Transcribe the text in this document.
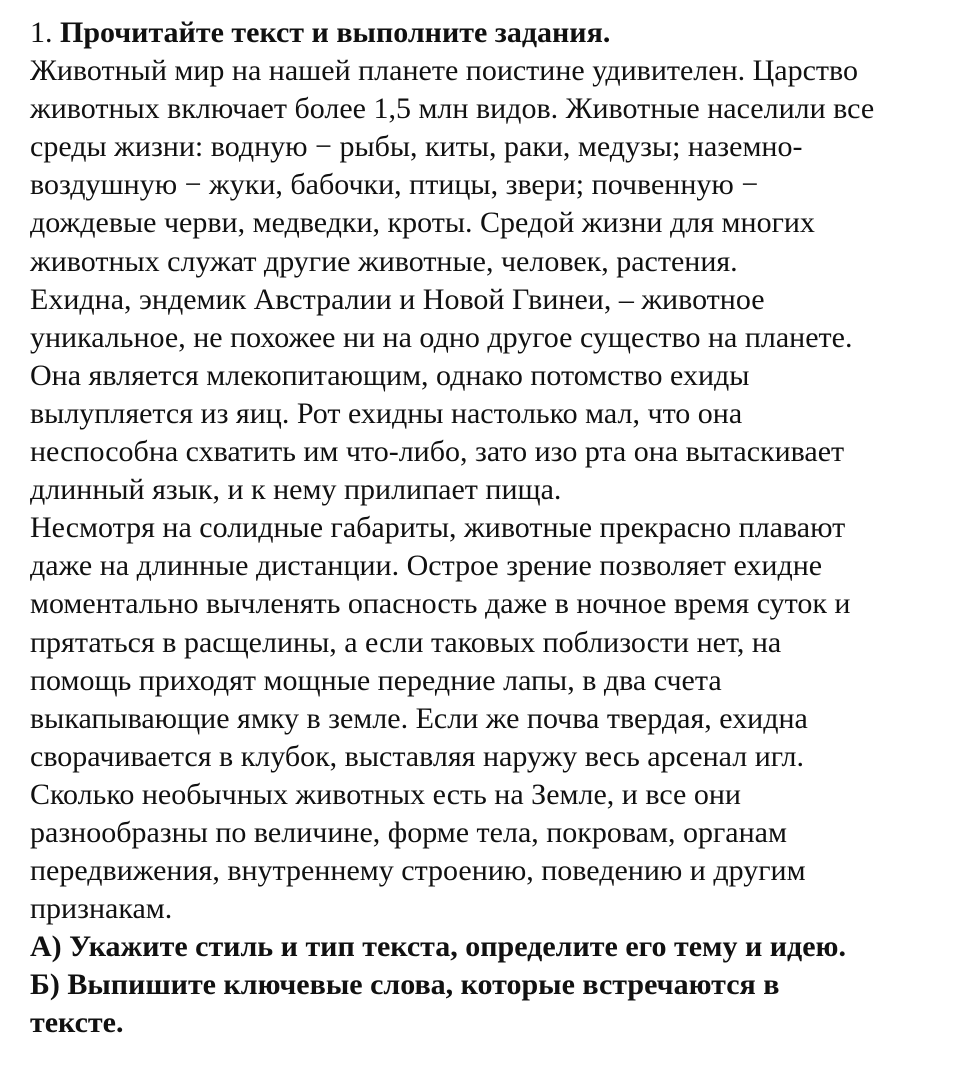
1. Прочитайте текст и выполните задания.
Животный мир на нашей планете поистине удивителен. Царство
животных включает более 1,5 млн видов. Животные населили все
среды жизни: водную − рыбы, киты, раки, медузы; наземно-
воздушную − жуки, бабочки, птицы, звери; почвенную −
дождевые черви, медведки, кроты. Средой жизни для многих
животных служат другие животные, человек, растения.
Ехидна, эндемик Австралии и Новой Гвинеи, – животное
уникальное, не похожее ни на одно другое существо на планете.
Она является млекопитающим, однако потомство ехиды
вылупляется из яиц. Рот ехидны настолько мал, что она
неспособна схватить им что-либо, зато изо рта она вытаскивает
длинный язык, и к нему прилипает пища.
Несмотря на солидные габариты, животные прекрасно плавают
даже на длинные дистанции. Острое зрение позволяет ехидне
моментально вычленять опасность даже в ночное время суток и
прятаться в расщелины, а если таковых поблизости нет, на
помощь приходят мощные передние лапы, в два счета
выкапывающие ямку в земле. Если же почва твердая, ехидна
сворачивается в клубок, выставляя наружу весь арсенал игл.
Сколько необычных животных есть на Земле, и все они
разнообразны по величине, форме тела, покровам, органам
передвижения, внутреннему строению, поведению и другим
признакам.
А) Укажите стиль и тип текста, определите его тему и идею.
Б) Выпишите ключевые слова, которые встречаются в
тексте.
